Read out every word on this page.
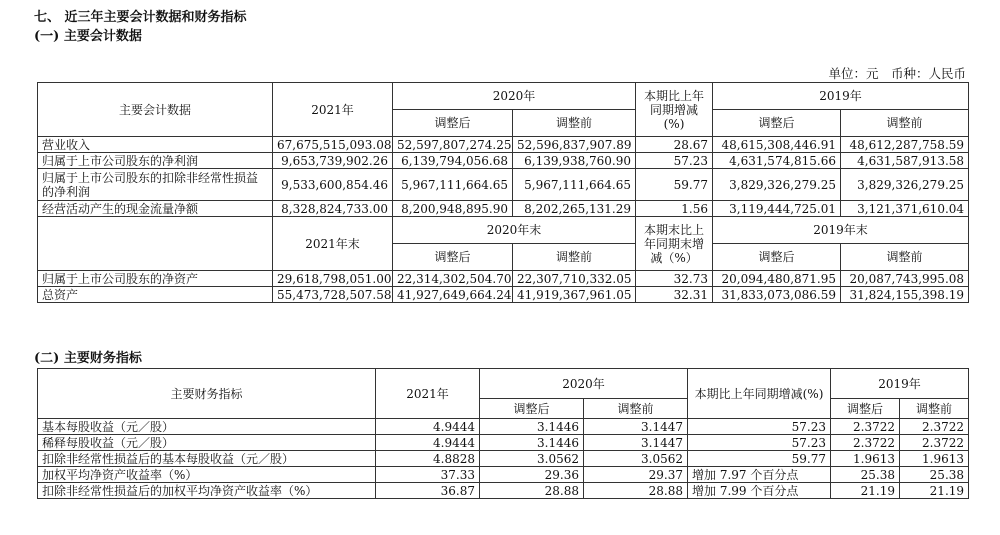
七、 近三年主要会计数据和财务指标
(一) 主要会计数据
单位：元　币种：人民币
主要会计数据	2021年	2020年		本期比上年同期增减(%)	2019年	
		调整后	调整前		调整后	调整前
营业收入	67,675,515,093.08	52,597,807,274.25	52,596,837,907.89	28.67	48,615,308,446.91	48,612,287,758.59
归属于上市公司股东的净利润	9,653,739,902.26	6,139,794,056.68	6,139,938,760.90	57.23	4,631,574,815.66	4,631,587,913.58
归属于上市公司股东的扣除非经常性损益的净利润	9,533,600,854.46	5,967,111,664.65	5,967,111,664.65	59.77	3,829,326,279.25	3,829,326,279.25
经营活动产生的现金流量净额	8,328,824,733.00	8,200,948,895.90	8,202,265,131.29	1.56	3,119,444,725.01	3,121,371,610.04
	2021年末	2020年末		本期末比上年同期末增减（%）	2019年末	
		调整后	调整前		调整后	调整前
归属于上市公司股东的净资产	29,618,798,051.00	22,314,302,504.70	22,307,710,332.05	32.73	20,094,480,871.95	20,087,743,995.08
总资产	55,473,728,507.58	41,927,649,664.24	41,919,367,961.05	32.31	31,833,073,086.59	31,824,155,398.19
(二) 主要财务指标
主要财务指标	2021年	2020年		本期比上年同期增减(%)	2019年	
		调整后	调整前		调整后	调整前
基本每股收益（元／股）	4.9444	3.1446	3.1447	57.23	2.3722	2.3722
稀释每股收益（元／股）	4.9444	3.1446	3.1447	57.23	2.3722	2.3722
扣除非经常性损益后的基本每股收益（元／股）	4.8828	3.0562	3.0562	59.77	1.9613	1.9613
加权平均净资产收益率（%）	37.33	29.36	29.37	增加 7.97 个百分点	25.38	25.38
扣除非经常性损益后的加权平均净资产收益率（%）	36.87	28.88	28.88	增加 7.99 个百分点	21.19	21.19
